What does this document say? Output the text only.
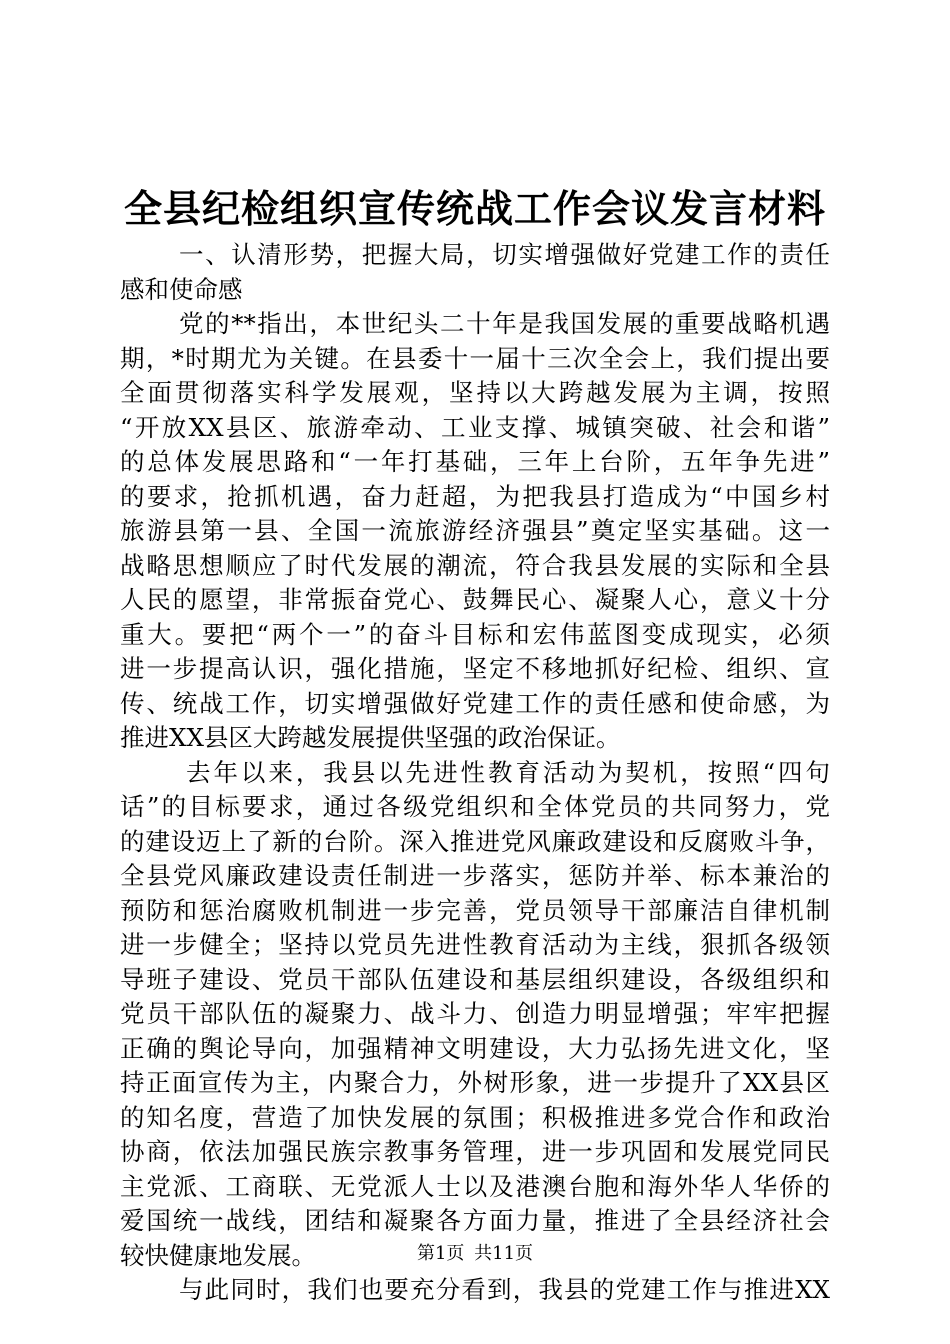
全县纪检组织宣传统战工作会议发言材料
一、认清形势，把握大局，切实增强做好党建工作的责任
感和使命感
党的**指出，本世纪头二十年是我国发展的重要战略机遇
期，*时期尤为关键。在县委十一届十三次全会上，我们提出要
全面贯彻落实科学发展观，坚持以大跨越发展为主调，按照
“开放XX县区、旅游牵动、工业支撑、城镇突破、社会和谐”
的总体发展思路和“一年打基础，三年上台阶，五年争先进”
的要求，抢抓机遇，奋力赶超，为把我县打造成为“中国乡村
旅游县第一县、全国一流旅游经济强县”奠定坚实基础。这一
战略思想顺应了时代发展的潮流，符合我县发展的实际和全县
人民的愿望，非常振奋党心、鼓舞民心、凝聚人心，意义十分
重大。要把“两个一”的奋斗目标和宏伟蓝图变成现实，必须
进一步提高认识，强化措施，坚定不移地抓好纪检、组织、宣
传、统战工作，切实增强做好党建工作的责任感和使命感，为
推进XX县区大跨越发展提供坚强的政治保证。
去年以来，我县以先进性教育活动为契机，按照“四句
话”的目标要求，通过各级党组织和全体党员的共同努力，党
的建设迈上了新的台阶。深入推进党风廉政建设和反腐败斗争，
全县党风廉政建设责任制进一步落实，惩防并举、标本兼治的
预防和惩治腐败机制进一步完善，党员领导干部廉洁自律机制
进一步健全；坚持以党员先进性教育活动为主线，狠抓各级领
导班子建设、党员干部队伍建设和基层组织建设，各级组织和
党员干部队伍的凝聚力、战斗力、创造力明显增强；牢牢把握
正确的舆论导向，加强精神文明建设，大力弘扬先进文化，坚
持正面宣传为主，内聚合力，外树形象，进一步提升了XX县区
的知名度，营造了加快发展的氛围；积极推进多党合作和政治
协商，依法加强民族宗教事务管理，进一步巩固和发展党同民
主党派、工商联、无党派人士以及港澳台胞和海外华人华侨的
爱国统一战线，团结和凝聚各方面力量，推进了全县经济社会
较快健康地发展。
与此同时，我们也要充分看到，我县的党建工作与推进XX
第1页 共11页
